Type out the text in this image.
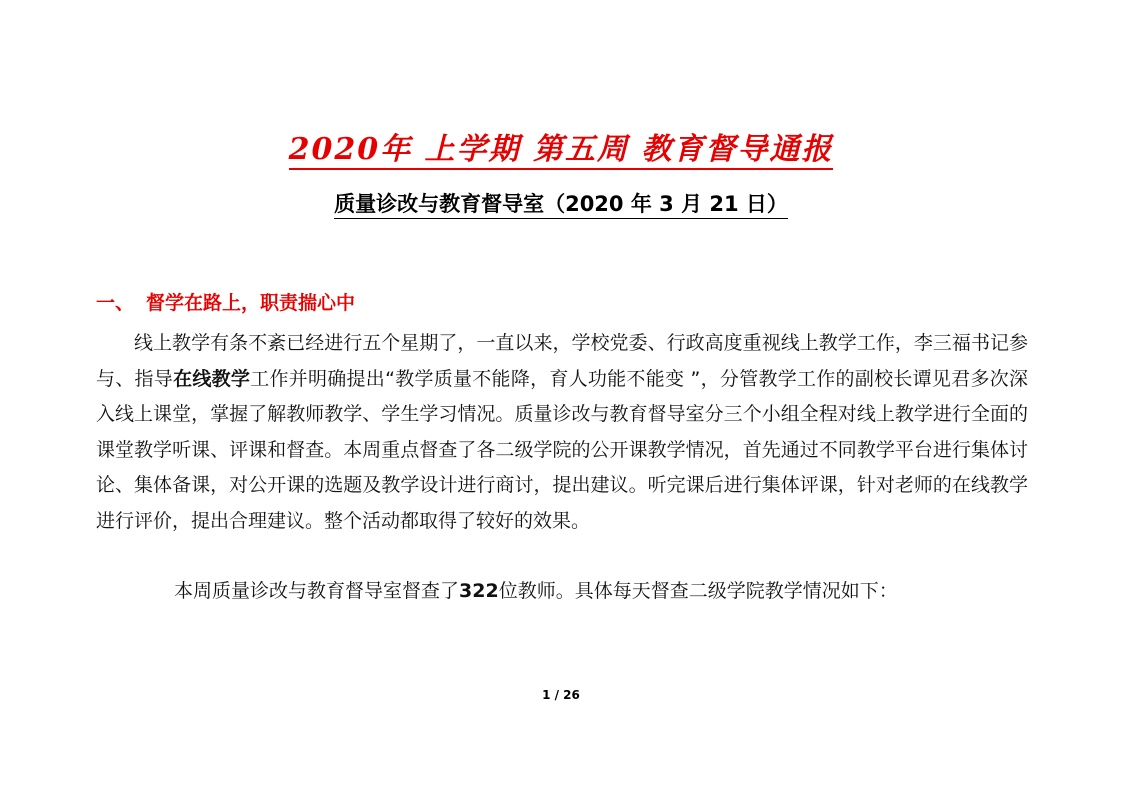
2020年 上学期 第五周 教育督导通报
质量诊改与教育督导室（2020 年 3 月 21 日）
一、 督学在路上，职责揣心中

线上教学有条不紊已经进行五个星期了，一直以来，学校党委、行政高度重视线上教学工作，李三福书记参与、指导在线教学工作并明确提出“教学质量不能降，育人功能不能变 ”，分管教学工作的副校长谭见君多次深入线上课堂，掌握了解教师教学、学生学习情况。质量诊改与教育督导室分三个小组全程对线上教学进行全面的课堂教学听课、评课和督查。本周重点督查了各二级学院的公开课教学情况，首先通过不同教学平台进行集体讨论、集体备课，对公开课的选题及教学设计进行商讨，提出建议。听完课后进行集体评课，针对老师的在线教学进行评价，提出合理建议。整个活动都取得了较好的效果。

本周质量诊改与教育督导室督查了322位教师。具体每天督查二级学院教学情况如下：
1 / 26
